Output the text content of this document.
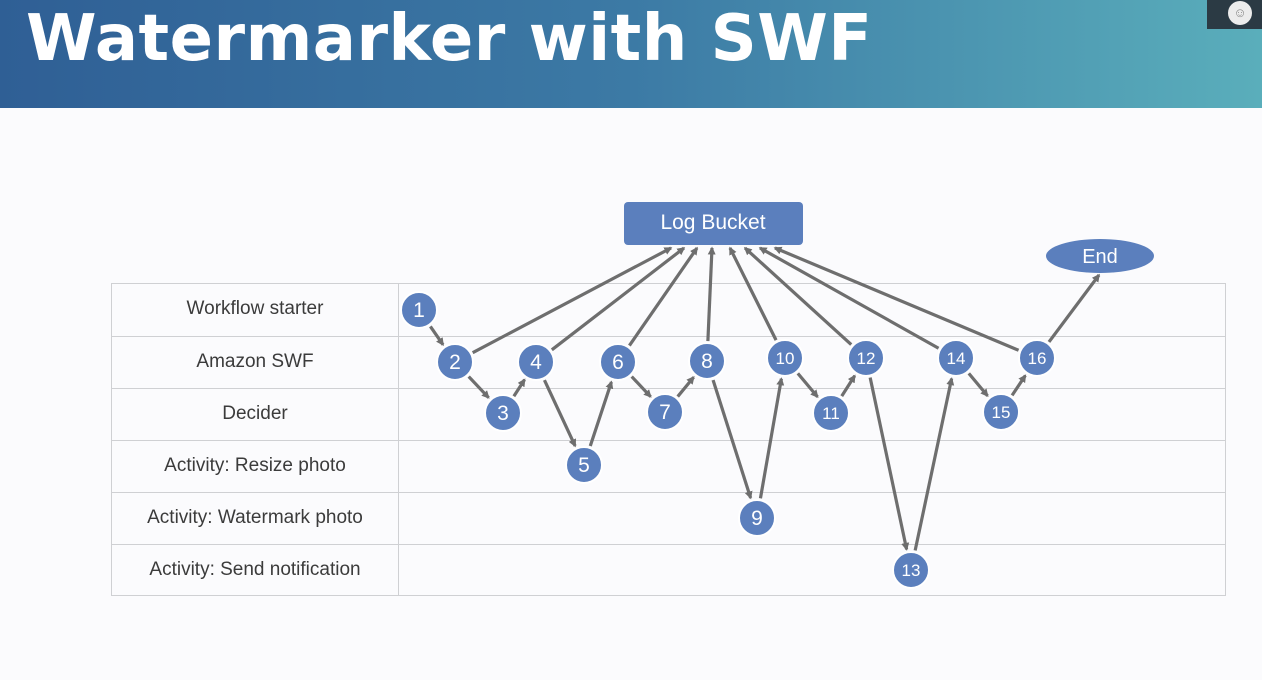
Watermarker with SWF	☺
Workflow starter
Amazon SWF
Decider
Activity: Resize photo
Activity: Watermark photo
Activity: Send notification
Log Bucket
End
1
2
3
4
5
6
7
8
9
10
11
12
13
14
15
16
